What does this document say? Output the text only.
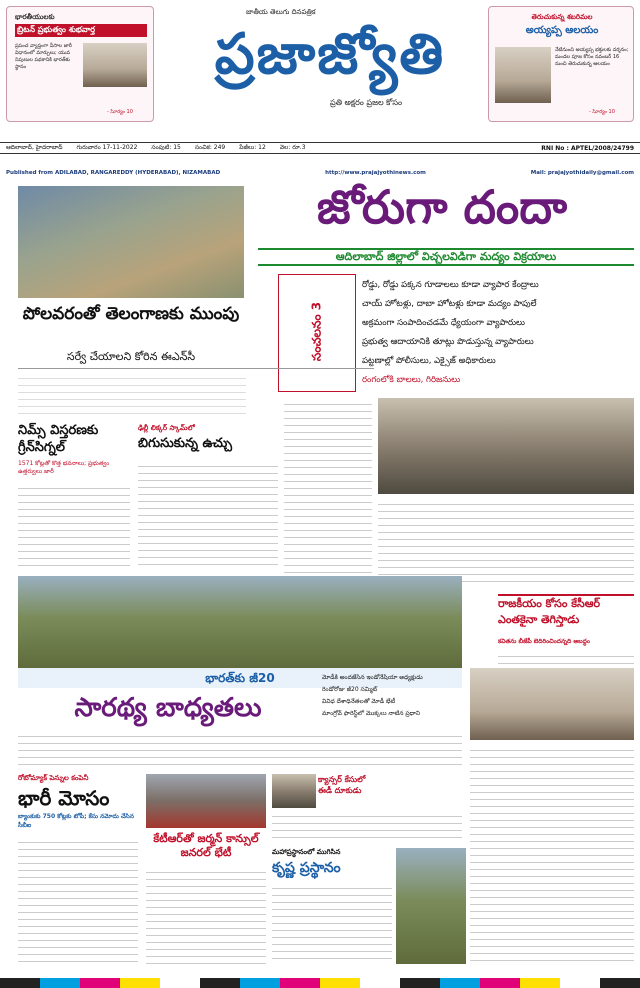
భారతీయులకు
బ్రిటన్ ప్రభుత్వం శుభవార్త
ప్రపంచ వ్యాప్తంగా వీసాల జారీ విధానంలో మార్పులు; యువ నిపుణుల పథకానికి భారత్‌కు స్థానం
- సిూర్యం 10
జాతీయ తెలుగు దినపత్రిక
ప్రజాజ్యోతి
ప్రతి అక్షరం ప్రజల కోసం
తెరుచుకున్న శబరిమల
అయ్యప్ప ఆలయం
నేటినుంచి అయ్యప్ప భక్తులకు దర్శనం; మండల పూజ కోసం నవంబర్ 16 నుంచి తెరుచుకున్న ఆలయం
- సిూర్యం 10
ఆదిలాబాద్, హైదరాబాద్ గురువారం 17-11-2022 సంపుటి: 15 సంచిక: 249 పేజీలు: 12 వెల: రూ.3	RNI No : APTEL/2008/24799
Published from ADILABAD, RANGAREDDY (HYDERABAD), NIZAMABAD	http://www.prajajyothinews.com	Mail: prajajyothidaily@gmail.com
జోరుగా దందా
ఆదిలాబాద్ జిల్లాలో విచ్చలవిడిగా మద్యం విక్రయాలు
సంచలనం 3
రోడ్డు, రోడ్డు పక్కన గూడాలలు కూడా వ్యాపార కేంద్రాలు
చాయ్ హోటళ్లు, దాబా హోటళ్లు కూడా మద్యం పాపులే
అక్రమంగా సంపాదించడమే ధ్యేయంగా వ్యాపారులు
ప్రభుత్వ ఆదాయానికి తూట్లు పొడుస్తున్న వ్యాపారులు
పట్టణాల్లో పోలీసులు, ఎక్సైజ్ అధికారులు
రంగంలోకి బాలలు, గిరిజనులు
పోలవరంతో తెలంగాణకు ముంపు
సర్వే చేయాలని కోరిన ఈఎన్‌సీ
నిమ్స్ విస్తరణకు గ్రీన్‌సిగ్నల్
1571 కోట్లతో కొత్త భవనాలు; ప్రభుత్వం ఉత్తర్వులు జారీ
ఢిల్లీ లిక్కర్ స్కామ్‌లో
బిగుసుకున్న ఉచ్చు
రాజకీయం కోసం కేసీఆర్ ఎంతకైనా తెగిస్తాడు
కవితను బీజేపీ బెదిరించిందన్నది అబద్ధం
భారత్‌కు జీ20
సారథ్య బాధ్యతలు
మోడీకి అందజేసిన ఇండోనేషియా అధ్యక్షుడు
రెండోరోజు జీ20 సమ్మిట్
వివిధ దేశాధినేతలతో మోడీ భేటీ
మాంగ్రోవ్ ఫారెస్ట్‌లో మొక్కలు నాటిన ప్రధాని
రోటోమ్యాక్ పెన్నుల కంపెనీ
భారీ మోసం
బ్యాంకుకు 750 కోట్లకు టోపీ; కేసు నమోదు చేసిన సీబీఐ
కేటీఆర్‌తో జర్మన్ కాన్సుల్ జనరల్ భేటీ
క్యాన్సర్ కేసులో ఈడీ దూకుడు
మహాప్రస్థానంలో ముగిసిన
కృష్ణ ప్రస్థానం
